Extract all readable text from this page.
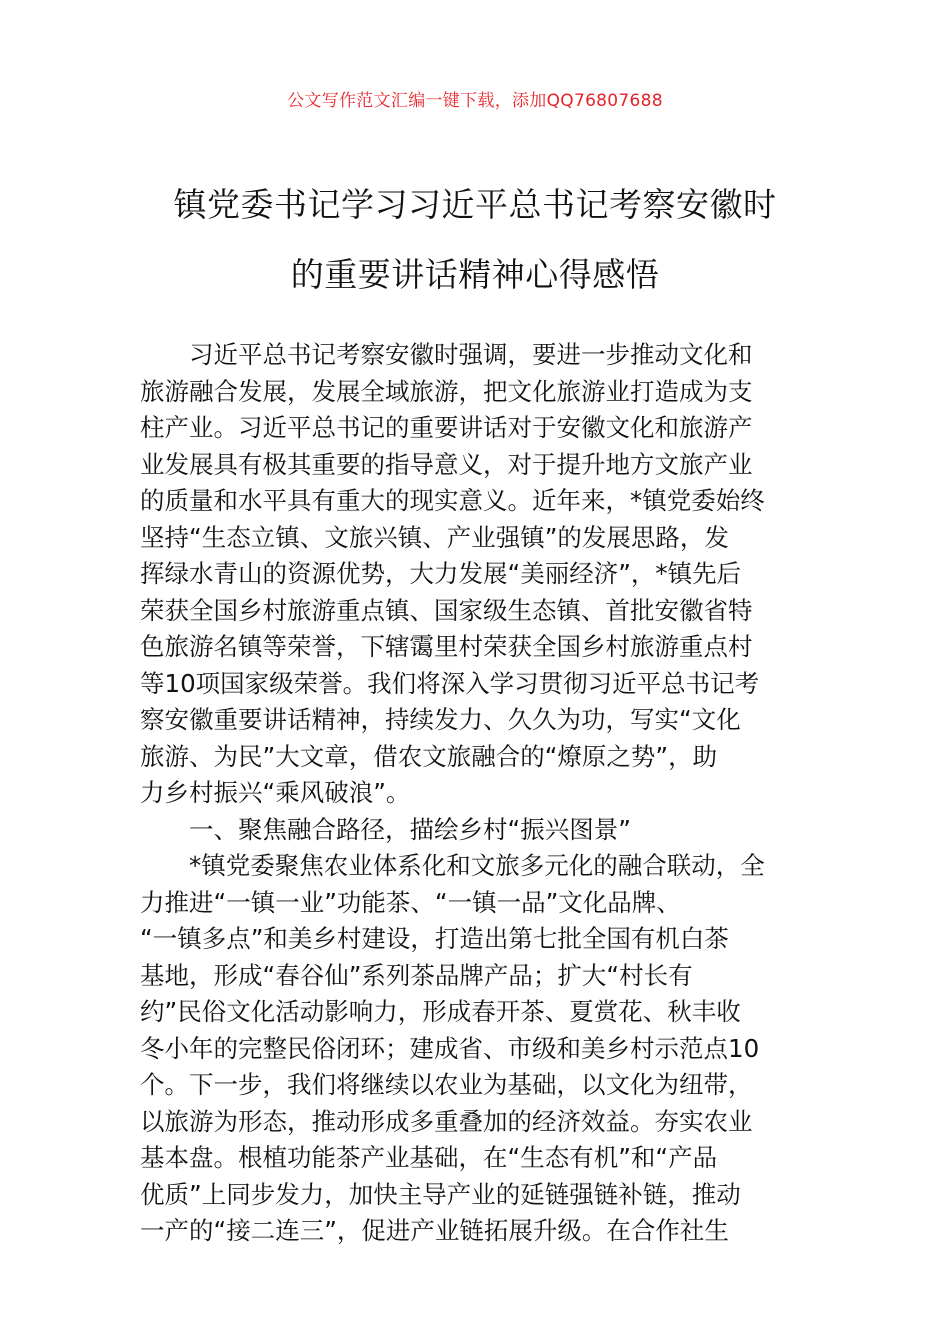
公文写作范文汇编一键下载，添加QQ76807688
镇党委书记学习习近平总书记考察安徽时
的重要讲话精神心得感悟
　　习近平总书记考察安徽时强调，要进一步推动文化和
旅游融合发展，发展全域旅游，把文化旅游业打造成为支
柱产业。习近平总书记的重要讲话对于安徽文化和旅游产
业发展具有极其重要的指导意义，对于提升地方文旅产业
的质量和水平具有重大的现实意义。近年来，*镇党委始终
坚持“生态立镇、文旅兴镇、产业强镇”的发展思路，发
挥绿水青山的资源优势，大力发展“美丽经济”，*镇先后
荣获全国乡村旅游重点镇、国家级生态镇、首批安徽省特
色旅游名镇等荣誉，下辖霭里村荣获全国乡村旅游重点村
等10项国家级荣誉。我们将深入学习贯彻习近平总书记考
察安徽重要讲话精神，持续发力、久久为功，写实“文化
旅游、为民”大文章，借农文旅融合的“燎原之势”，助
力乡村振兴“乘风破浪”。
　　一、聚焦融合路径，描绘乡村“振兴图景”
　　*镇党委聚焦农业体系化和文旅多元化的融合联动，全
力推进“一镇一业”功能茶、“一镇一品”文化品牌、
“一镇多点”和美乡村建设，打造出第七批全国有机白茶
基地，形成“春谷仙”系列茶品牌产品；扩大“村长有
约”民俗文化活动影响力，形成春开茶、夏赏花、秋丰收
冬小年的完整民俗闭环；建成省、市级和美乡村示范点10
个。下一步，我们将继续以农业为基础，以文化为纽带，
以旅游为形态，推动形成多重叠加的经济效益。夯实农业
基本盘。根植功能茶产业基础，在“生态有机”和“产品
优质”上同步发力，加快主导产业的延链强链补链，推动
一产的“接二连三”，促进产业链拓展升级。在合作社生
